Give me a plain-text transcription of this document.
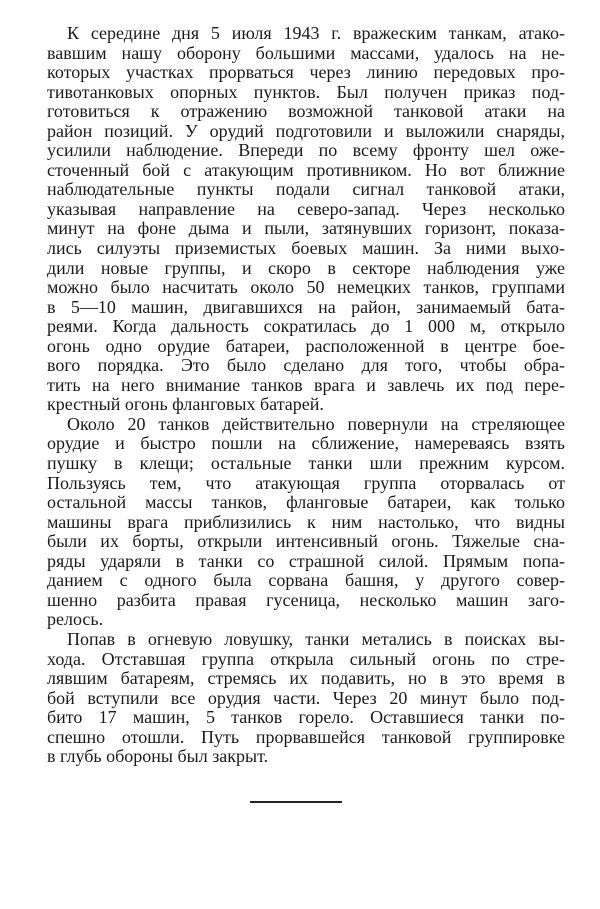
К середине дня 5 июля 1943 г. вражеским танкам, атако-
вавшим нашу оборону большими массами, удалось на не-
которых участках прорваться через линию передовых про-
тивотанковых опорных пунктов. Был получен приказ под-
готовиться к отражению возможной танковой атаки на
район позиций. У орудий подготовили и выложили снаряды,
усилили наблюдение. Впереди по всему фронту шел оже-
сточенный бой с атакующим противником. Но вот ближние
наблюдательные пункты подали сигнал танковой атаки,
указывая направление на северо-запад. Через несколько
минут на фоне дыма и пыли, затянувших горизонт, показа-
лись силуэты приземистых боевых машин. За ними выхо-
дили новые группы, и скоро в секторе наблюдения уже
можно было насчитать около 50 немецких танков, группами
в 5—10 машин, двигавшихся на район, занимаемый бата-
реями. Когда дальность сократилась до 1 000 м, открыло
огонь одно орудие батареи, расположенной в центре бое-
вого порядка. Это было сделано для того, чтобы обра-
тить на него внимание танков врага и завлечь их под пере-
крестный огонь фланговых батарей.
Около 20 танков действительно повернули на стреляющее
орудие и быстро пошли на сближение, намереваясь взять
пушку в клещи; остальные танки шли прежним курсом.
Пользуясь тем, что атакующая группа оторвалась от
остальной массы танков, фланговые батареи, как только
машины врага приблизились к ним настолько, что видны
были их борты, открыли интенсивный огонь. Тяжелые сна-
ряды ударяли в танки со страшной силой. Прямым попа-
данием с одного была сорвана башня, у другого совер-
шенно разбита правая гусеница, несколько машин заго-
релось.
Попав в огневую ловушку, танки метались в поисках вы-
хода. Отставшая группа открыла сильный огонь по стре-
лявшим батареям, стремясь их подавить, но в это время в
бой вступили все орудия части. Через 20 минут было под-
бито 17 машин, 5 танков горело. Оставшиеся танки по-
спешно отошли. Путь прорвавшейся танковой группировке
в глубь обороны был закрыт.
